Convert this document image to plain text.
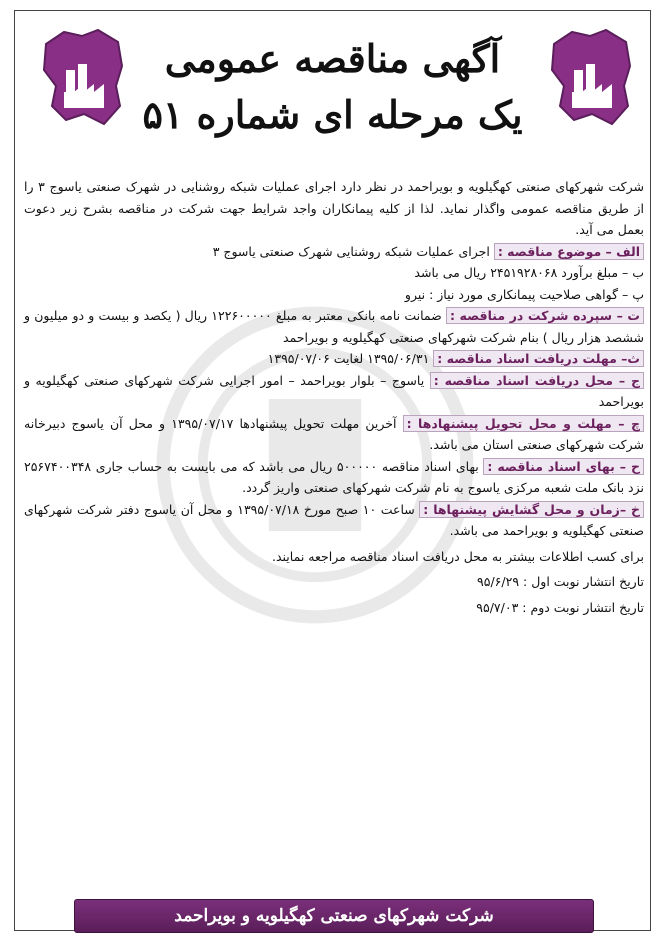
آگهی مناقصه عمومی
یک مرحله ای شماره ۵۱

شرکت شهرکهای صنعتی کهگیلویه و بویراحمد در نظر دارد اجرای عملیات شبکه روشنایی در شهرک صنعتی یاسوج ۳ را از طریق مناقصه عمومی واگذار نماید. لذا از کلیه پیمانکاران واجد شرایط جهت شرکت در مناقصه بشرح زیر دعوت بعمل می آید.

الف – موضوع مناقصه : اجرای عملیات شبکه روشنایی شهرک صنعتی یاسوج ۳

ب – مبلغ برآورد ۲۴۵۱۹۲۸۰۶۸ ریال می باشد

پ – گواهی صلاحیت پیمانکاری مورد نیاز : نیرو

ت – سپرده شرکت در مناقصه : ضمانت نامه بانکی معتبر به مبلغ ۱۲۲۶۰۰۰۰۰ ریال ( یکصد و بیست و دو میلیون و ششصد هزار ریال ) بنام شرکت شهرکهای صنعتی کهگیلویه و بویراحمد

ث– مهلت دریافت اسناد مناقصه : ۱۳۹۵/۰۶/۳۱ لغایت ۱۳۹۵/۰۷/۰۶

ج – محل دریافت اسناد مناقصه : یاسوج – بلوار بویراحمد – امور اجرایی شرکت شهرکهای صنعتی کهگیلویه و بویراحمد

چ – مهلت و محل تحویل پیشنهادها : آخرین مهلت تحویل پیشنهادها ۱۳۹۵/۰۷/۱۷ و محل آن یاسوج دبیرخانه شرکت شهرکهای صنعتی استان می باشد.

ح – بهای اسناد مناقصه : بهای اسناد مناقصه ۵۰۰۰۰۰ ریال می باشد که می بایست به حساب جاری ۲۵۶۷۴۰۰۳۴۸ نزد بانک ملت شعبه مرکزی یاسوج به نام شرکت شهرکهای صنعتی واریز گردد.

خ –زمان و محل گشایش پیشنهاها : ساعت ۱۰ صبح مورخ ۱۳۹۵/۰۷/۱۸ و محل آن یاسوج دفتر شرکت شهرکهای صنعتی کهگیلویه و بویراحمد می باشد.

برای کسب اطلاعات بیشتر به محل دریافت اسناد مناقصه مراجعه نمایند.

تاریخ انتشار نوبت اول : ۹۵/۶/۲۹

تاریخ انتشار نوبت دوم : ۹۵/۷/۰۳

شرکت شهرکهای صنعتی کهگیلویه و بویراحمد
